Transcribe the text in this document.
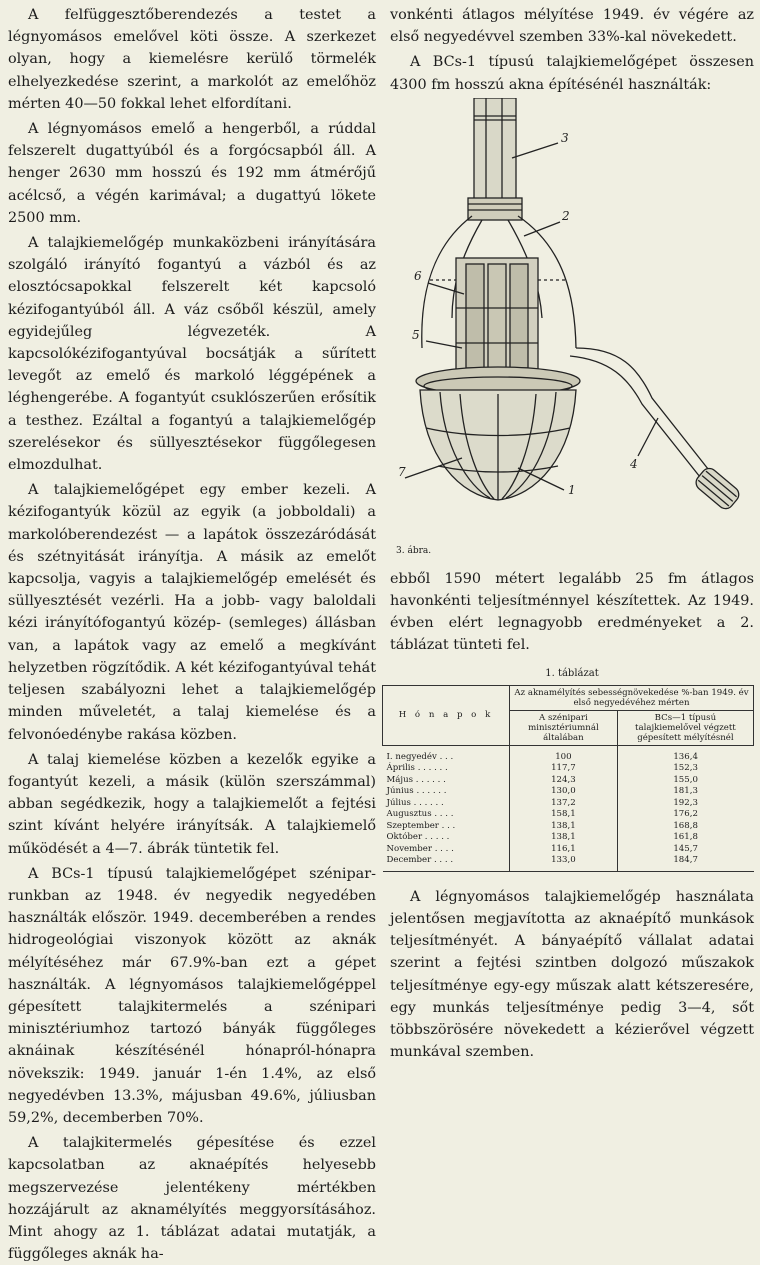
A felfüggesztőberendezés a testet a légnyomásos emelővel köti össze. A szerkezet olyan, hogy a kiemelésre kerülő törmelék elhelyezkedése szerint, a markolót az emelőhöz mérten 40—50 fokkal lehet elfordítani.

A légnyomásos emelő a hengerből, a rúddal felszerelt dugattyúból és a forgócsapból áll. A henger 2630 mm hosszú és 192 mm átmérőjű acélcső, a végén karimával; a dugattyú lökete 2500 mm.

A talajkiemelőgép munkaközbeni irányítására szolgáló irányító fogantyú a vázból és az elosztócsapokkal felszerelt két kapcsoló kézifogantyúból áll. A váz csőből készül, amely egyidejűleg légvezeték. A kapcsolókézifogantyúval bocsátják a sűrített levegőt az emelő és markoló léggépének a léghengerébe. A fogantyút csuklószerűen erősítik a testhez. Ezáltal a fogantyú a talajkiemelőgép szerelésekor és süllyesztésekor függőlegesen elmozdulhat.

A talajkiemelőgépet egy ember kezeli. A kézifogantyúk közül az egyik (a jobboldali) a markolóberendezést — a lapátok összezáródását és szétnyitását irányítja. A másik az emelőt kapcsolja, vagyis a talajkiemelőgép emelését és süllyesztését vezérli. Ha a jobb- vagy baloldali kézi irányítófogantyú közép- (semleges) állásban van, a lapátok vagy az emelő a megkívánt helyzetben rögzítődik. A két kézifogantyúval tehát teljesen szabályozni lehet a talajkiemelőgép minden műveletét, a talaj kiemelése és a felvonóedénybe rakása közben.

A talaj kiemelése közben a kezelők egyike a fogantyút kezeli, a másik (külön szerszámmal) abban segédkezik, hogy a talajkiemelőt a fejtési szint kívánt helyére irányítsák. A talajkiemelő működését a 4—7. ábrák tüntetik fel.

A BCs-1 típusú talajkiemelőgépet szénipar-runkban az 1948. év negyedik negyedében használták először. 1949. decemberében a rendes hidrogeológiai viszonyok között az aknák mélyítéséhez már 67.9%-ban ezt a gépet használták. A légnyomásos talajkiemelőgéppel gépesített talajkitermelés a szénipari minisztériumhoz tartozó bányák függőleges aknáinak készítésénél hónapról-hónapra növekszik: 1949. január 1-én 1.4%, az első negyedévben 13.3%, májusban 49.6%, júliusban 59,2%, decemberben 70%.

A talajkitermelés gépesítése és ezzel kapcsolatban az aknaépítés helyesebb megszervezése jelentékeny mértékben hozzájárult az aknamélyítés meggyorsításához. Mint ahogy az 1. táblázat adatai mutatják, a függőleges aknák ha-

vonkénti átlagos mélyítése 1949. év végére az első negyedévvel szemben 33%-kal növekedett.

A BCs-1 típusú talajkiemelőgépet összesen 4300 fm hosszú akna építésénél használták:

3
2
6
5
7
1
4
3. ábra.

ebből 1590 métert legalább 25 fm átlagos havonkénti teljesítménnyel készítettek. Az 1949. évben elért legnagyobb eredményeket a 2. táblázat tünteti fel.

1. táblázat
H ó n a p o k	Az aknamélyítés sebességnövekedése %-ban 1949. év első negyedévéhez mérten	
	A szénipari minisztériumnál általában	BCs—1 típusú talajkiemelővel végzett gépesített mélyítésnél
I. negyedév . . .	100	136,4
Április . . . . . .	117,7	152,3
Május . . . . . .	124,3	155,0
Június . . . . . .	130,0	181,3
Július . . . . . .	137,2	192,3
Augusztus . . . .	158,1	176,2
Szeptember . . .	138,1	168,8
Október . . . . .	138,1	161,8
November . . . .	116,1	145,7
December . . . .	133,0	184,7

A légnyomásos talajkiemelőgép használata jelentősen megjavította az aknaépítő munkások teljesítményét. A bányaépítő vállalat adatai szerint a fejtési szintben dolgozó műszakok teljesítménye egy-egy műszak alatt kétszeresére, egy munkás teljesítménye pedig 3—4, sőt többszörösére növekedett a kézierővel végzett munkával szemben.
